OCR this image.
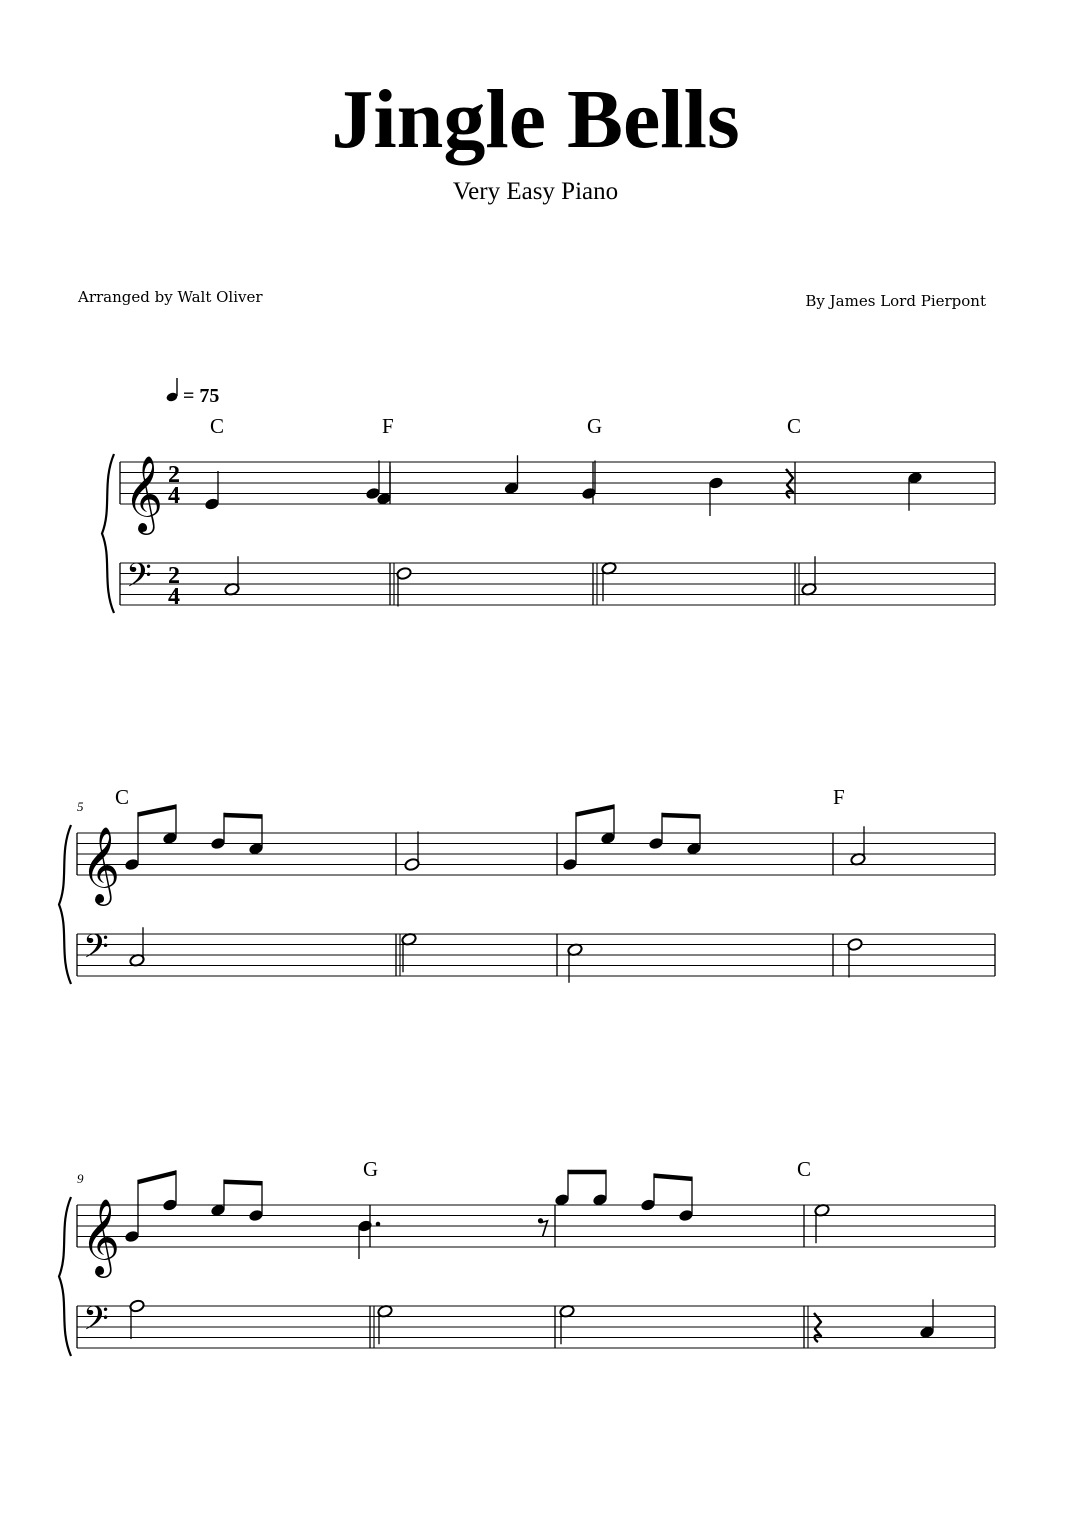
Jingle Bells
Very Easy Piano
Arranged by Walt Oliver	By James Lord Pierpont
𝄞
𝄢
2
4
2
4
= 75
C	F	G	C
𝄞
𝄢
5 C	F
𝄞
𝄢
9	G	C
